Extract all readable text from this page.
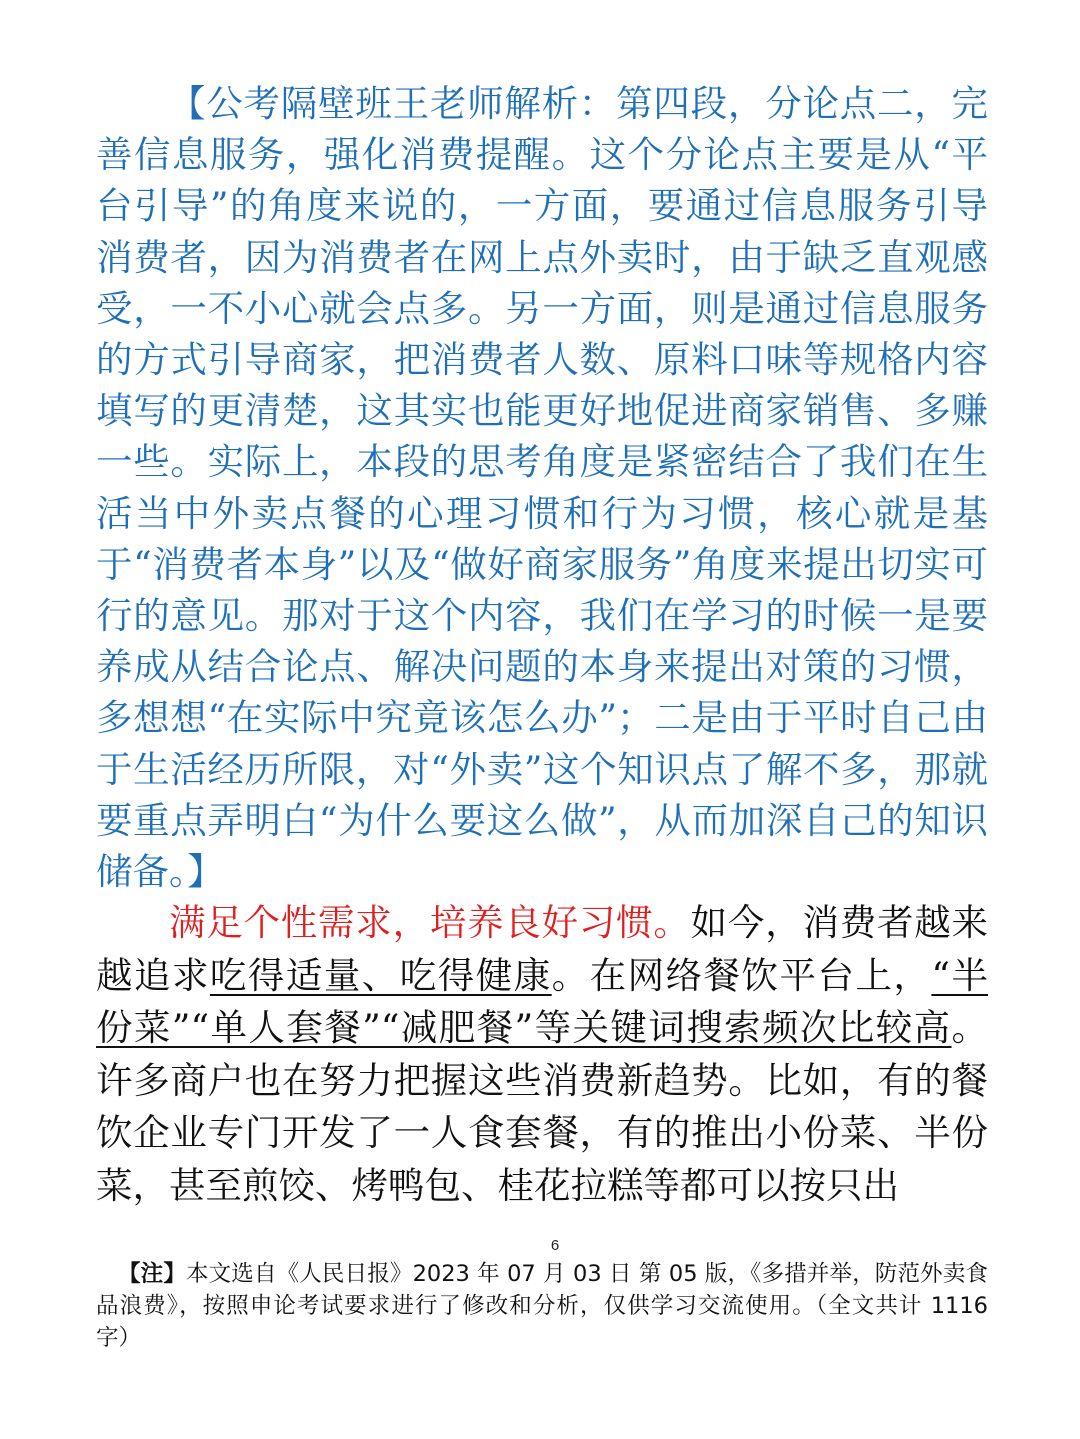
【公考隔壁班王老师解析：第四段，分论点二，完善信息服务，强化消费提醒。这个分论点主要是从“平台引导”的角度来说的，一方面，要通过信息服务引导消费者，因为消费者在网上点外卖时，由于缺乏直观感受，一不小心就会点多。另一方面，则是通过信息服务的方式引导商家，把消费者人数、原料口味等规格内容填写的更清楚，这其实也能更好地促进商家销售、多赚一些。实际上，本段的思考角度是紧密结合了我们在生活当中外卖点餐的心理习惯和行为习惯，核心就是基于“消费者本身”以及“做好商家服务”角度来提出切实可行的意见。那对于这个内容，我们在学习的时候一是要养成从结合论点、解决问题的本身来提出对策的习惯，多想想“在实际中究竟该怎么办”；二是由于平时自己由于生活经历所限，对“外卖”这个知识点了解不多，那就要重点弄明白“为什么要这么做”，从而加深自己的知识储备。】

满足个性需求，培养良好习惯。如今，消费者越来越追求吃得适量、吃得健康。在网络餐饮平台上，“半份菜”“单人套餐”“减肥餐”等关键词搜索频次比较高。许多商户也在努力把握这些消费新趋势。比如，有的餐饮企业专门开发了一人食套餐，有的推出小份菜、半份菜，甚至煎饺、烤鸭包、桂花拉糕等都可以按只出

6

【注】本文选自《人民日报》2023 年 07 月 03 日 第 05 版，《多措并举，防范外卖食品浪费》，按照申论考试要求进行了修改和分析，仅供学习交流使用。（全文共计 1116 字）
